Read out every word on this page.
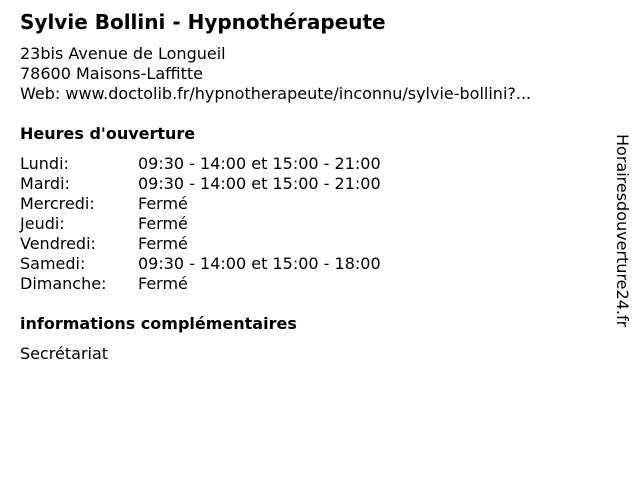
Sylvie Bollini - Hypnothérapeute
23bis Avenue de Longueil
78600 Maisons-Laffitte
Web: www.doctolib.fr/hypnotherapeute/inconnu/sylvie-bollini?...
Heures d'ouverture
Lundi:	09:30 - 14:00 et 15:00 - 21:00
Mardi:	09:30 - 14:00 et 15:00 - 21:00
Mercredi:	Fermé
Jeudi:	Fermé
Vendredi:	Fermé
Samedi:	09:30 - 14:00 et 15:00 - 18:00
Dimanche: Fermé
informations complémentaires
Secrétariat
Horairesdouverture24.fr
